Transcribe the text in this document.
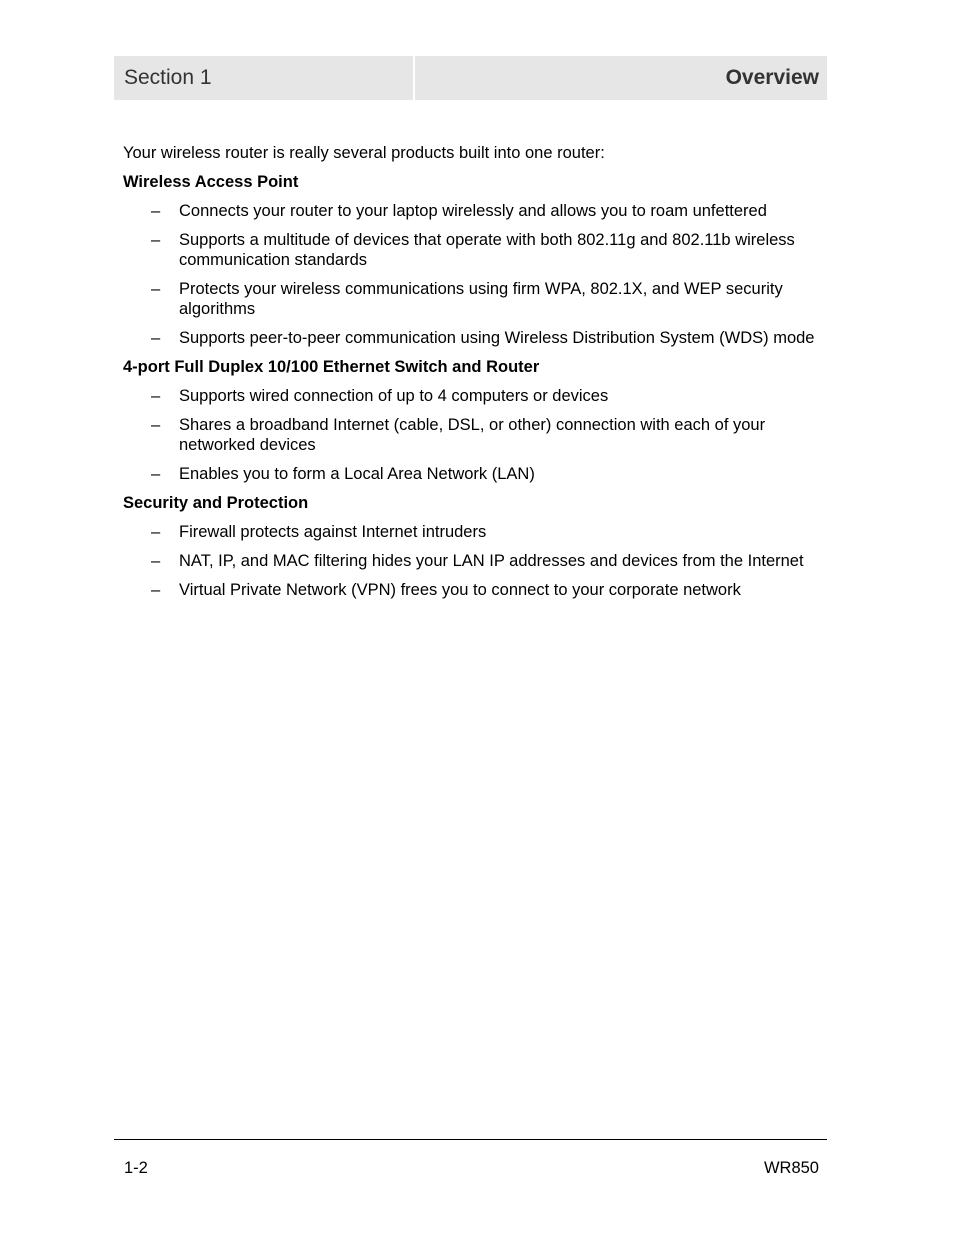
Section 1	Overview

Your wireless router is really several products built into one router:

Wireless Access Point

– Connects your router to your laptop wirelessly and allows you to roam unfettered
– Supports a multitude of devices that operate with both 802.11g and 802.11b wireless communication standards
– Protects your wireless communications using firm WPA, 802.1X, and WEP security algorithms
– Supports peer-to-peer communication using Wireless Distribution System (WDS) mode

4-port Full Duplex 10/100 Ethernet Switch and Router

– Supports wired connection of up to 4 computers or devices
– Shares a broadband Internet (cable, DSL, or other) connection with each of your networked devices
– Enables you to form a Local Area Network (LAN)

Security and Protection

– Firewall protects against Internet intruders
– NAT, IP, and MAC filtering hides your LAN IP addresses and devices from the Internet
– Virtual Private Network (VPN) frees you to connect to your corporate network
1-2	WR850
